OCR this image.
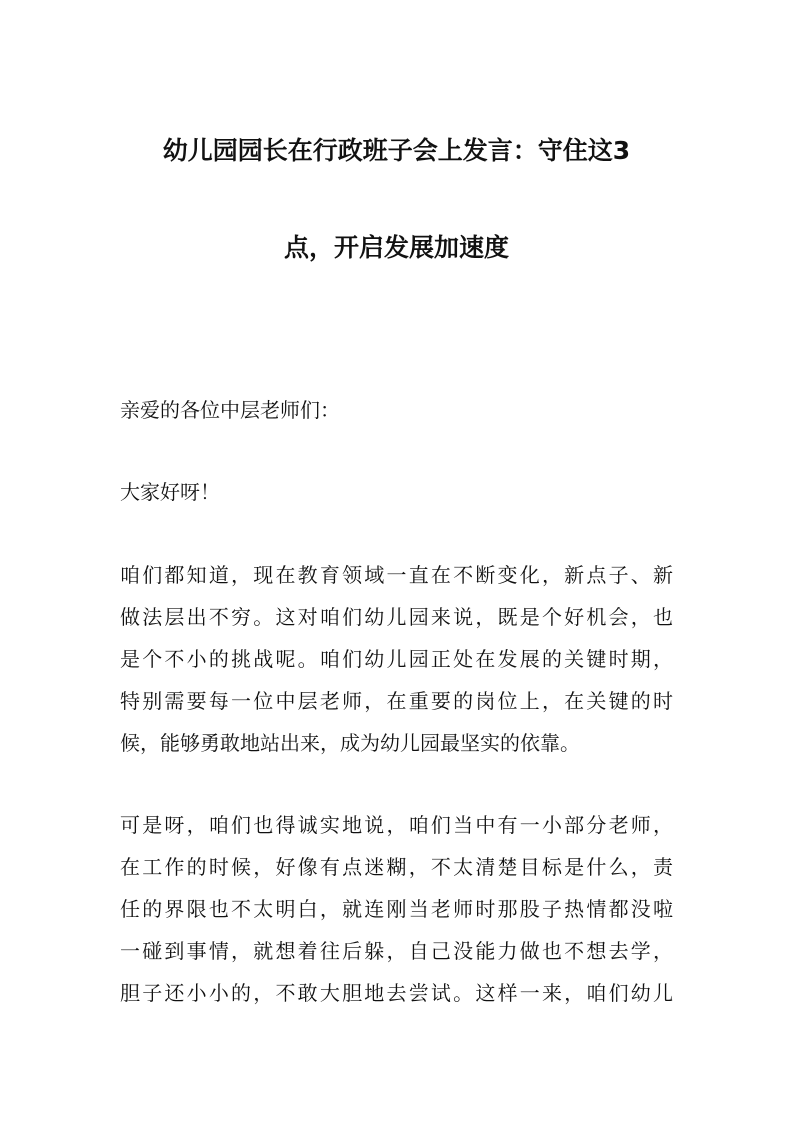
幼儿园园长在行政班子会上发言：守住这3
点，开启发展加速度
亲爱的各位中层老师们：
大家好呀！
咱们都知道，现在教育领域一直在不断变化，新点子、新
做法层出不穷。这对咱们幼儿园来说，既是个好机会，也
是个不小的挑战呢。咱们幼儿园正处在发展的关键时期，
特别需要每一位中层老师，在重要的岗位上，在关键的时
候，能够勇敢地站出来，成为幼儿园最坚实的依靠。
可是呀，咱们也得诚实地说，咱们当中有一小部分老师，
在工作的时候，好像有点迷糊，不太清楚目标是什么，责
任的界限也不太明白，就连刚当老师时那股子热情都没啦
一碰到事情，就想着往后躲，自己没能力做也不想去学，
胆子还小小的，不敢大胆地去尝试。这样一来，咱们幼儿
